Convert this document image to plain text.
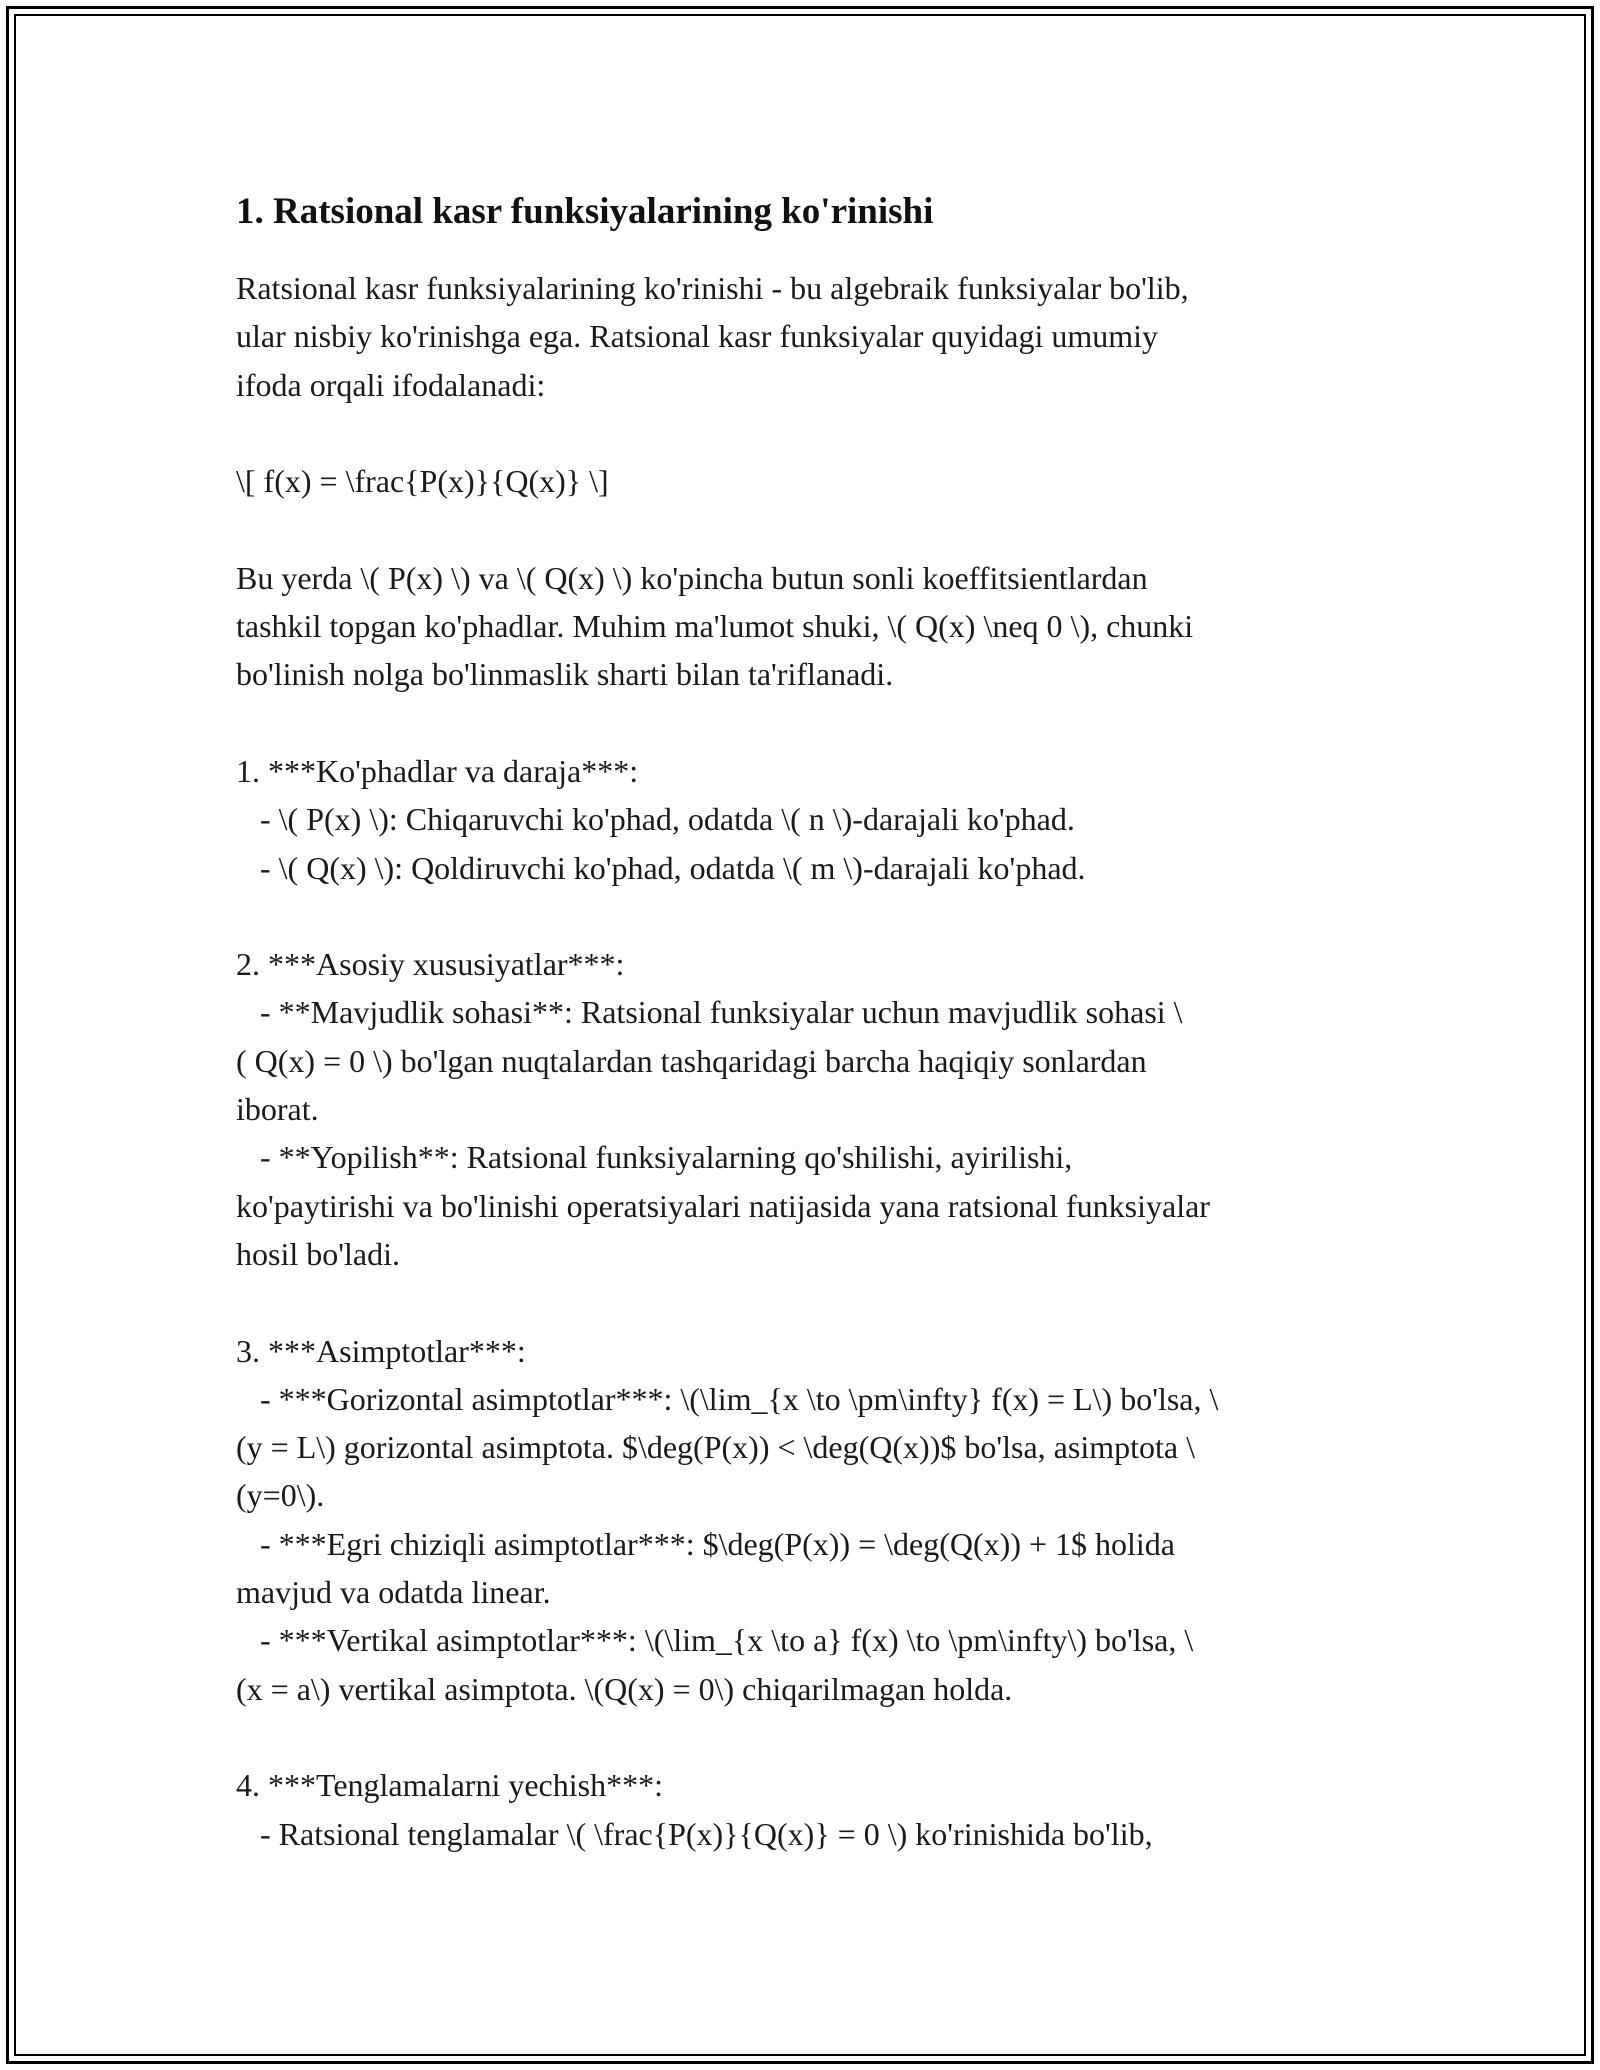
1. Ratsional kasr funksiyalarining ko'rinishi
Ratsional kasr funksiyalarining ko'rinishi - bu algebraik funksiyalar bo'lib,
ular nisbiy ko'rinishga ega. Ratsional kasr funksiyalar quyidagi umumiy
ifoda orqali ifodalanadi:
\[ f(x) = \frac{P(x)}{Q(x)} \]
Bu yerda \( P(x) \) va \( Q(x) \) ko'pincha butun sonli koeffitsientlardan
tashkil topgan ko'phadlar. Muhim ma'lumot shuki, \( Q(x) \neq 0 \), chunki
bo'linish nolga bo'linmaslik sharti bilan ta'riflanadi.
1. ***Ko'phadlar va daraja***:
- \( P(x) \): Chiqaruvchi ko'phad, odatda \( n \)-darajali ko'phad.
- \( Q(x) \): Qoldiruvchi ko'phad, odatda \( m \)-darajali ko'phad.
2. ***Asosiy xususiyatlar***:
- **Mavjudlik sohasi**: Ratsional funksiyalar uchun mavjudlik sohasi \
( Q(x) = 0 \) bo'lgan nuqtalardan tashqaridagi barcha haqiqiy sonlardan
iborat.
- **Yopilish**: Ratsional funksiyalarning qo'shilishi, ayirilishi,
ko'paytirishi va bo'linishi operatsiyalari natijasida yana ratsional funksiyalar
hosil bo'ladi.
3. ***Asimptotlar***:
- ***Gorizontal asimptotlar***: \(\lim_{x \to \pm\infty} f(x) = L\) bo'lsa, \
(y = L\) gorizontal asimptota. $\deg(P(x)) < \deg(Q(x))$ bo'lsa, asimptota \
(y=0\).
- ***Egri chiziqli asimptotlar***: $\deg(P(x)) = \deg(Q(x)) + 1$ holida
mavjud va odatda linear.
- ***Vertikal asimptotlar***: \(\lim_{x \to a} f(x) \to \pm\infty\) bo'lsa, \
(x = a\) vertikal asimptota. \(Q(x) = 0\) chiqarilmagan holda.
4. ***Tenglamalarni yechish***:
- Ratsional tenglamalar \( \frac{P(x)}{Q(x)} = 0 \) ko'rinishida bo'lib,
